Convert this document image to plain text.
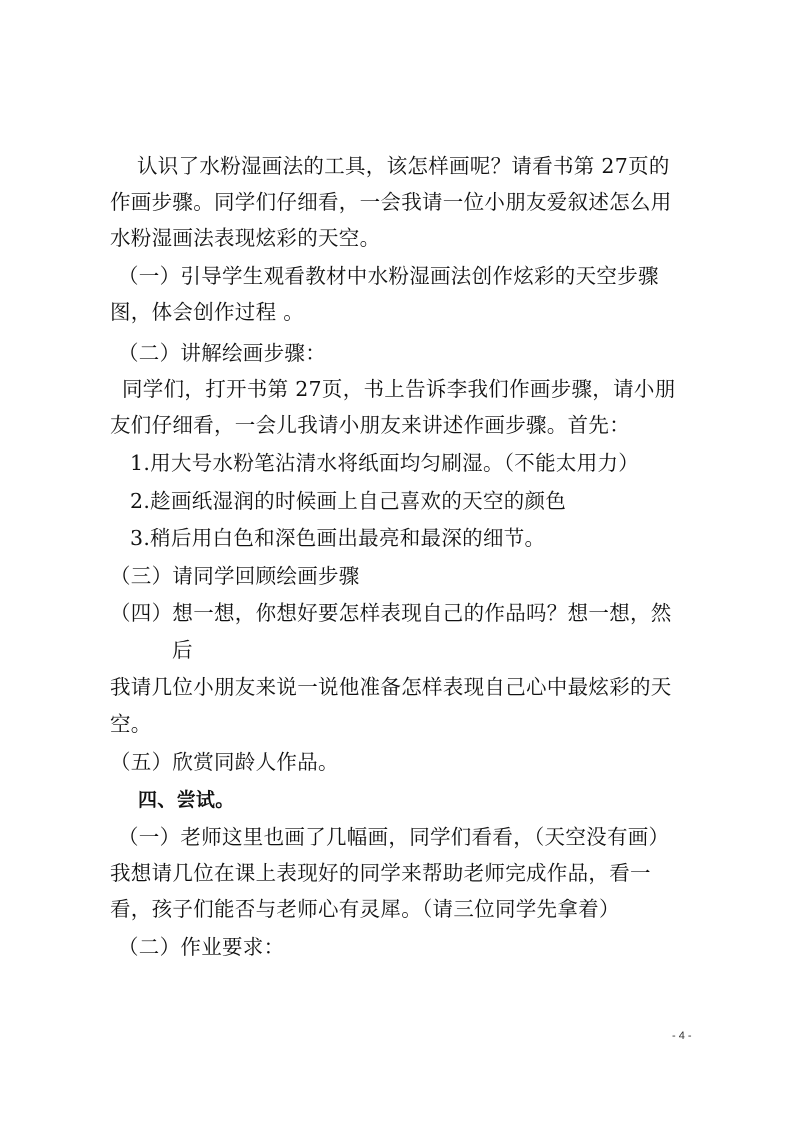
认识了水粉湿画法的工具，该怎样画呢？请看书第 27页的
作画步骤。同学们仔细看，一会我请一位小朋友爱叙述怎么用
水粉湿画法表现炫彩的天空。
（一）引导学生观看教材中水粉湿画法创作炫彩的天空步骤
图，体会创作过程 。
（二）讲解绘画步骤：
同学们，打开书第 27页，书上告诉李我们作画步骤，请小朋
友们仔细看，一会儿我请小朋友来讲述作画步骤。首先：
1.用大号水粉笔沾清水将纸面均匀刷湿。（不能太用力）
2.趁画纸湿润的时候画上自己喜欢的天空的颜色
3.稍后用白色和深色画出最亮和最深的细节。
（三）请同学回顾绘画步骤
（四）想一想，你想好要怎样表现自己的作品吗？想一想，然
后
我请几位小朋友来说一说他准备怎样表现自己心中最炫彩的天
空。
（五）欣赏同龄人作品。
四、尝试。
（一）老师这里也画了几幅画，同学们看看，（天空没有画）
我想请几位在课上表现好的同学来帮助老师完成作品，看一
看，孩子们能否与老师心有灵犀。（请三位同学先拿着）
（二）作业要求：
- 4 -
